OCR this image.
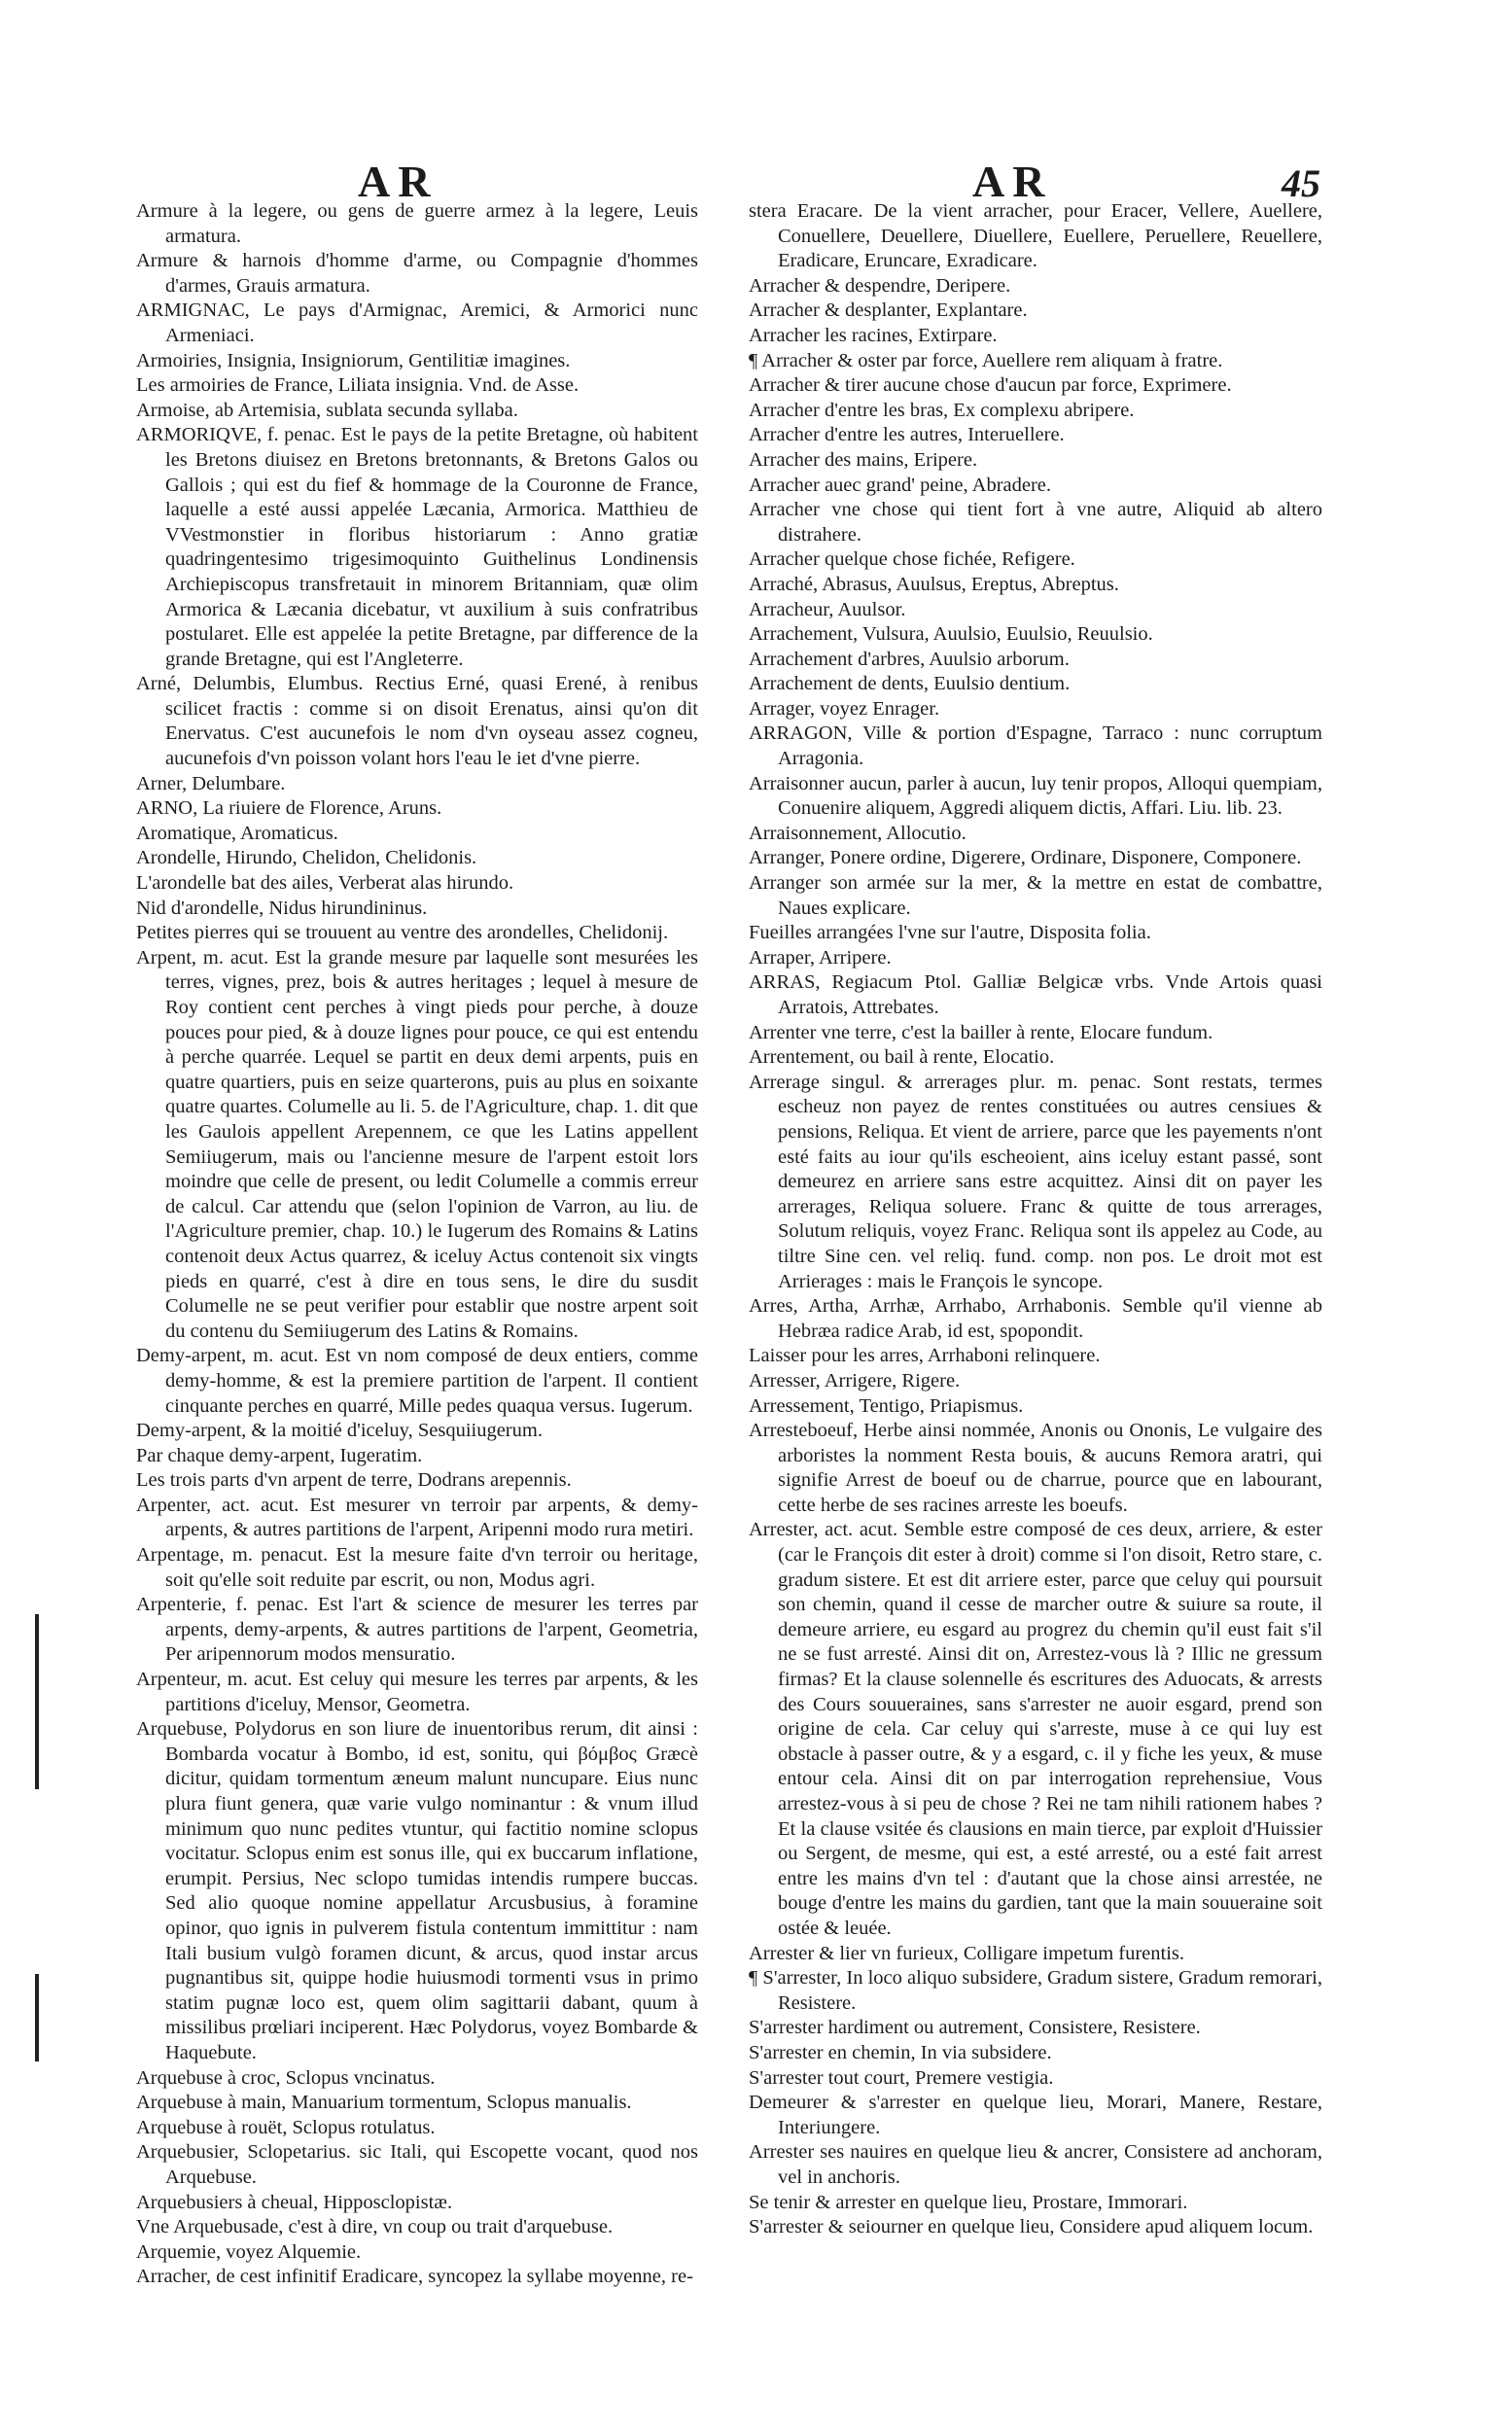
AR	AR	45

Armure à la legere, ou gens de guerre armez à la legere, Leuis armatura.

Armure & harnois d'homme d'arme, ou Compagnie d'hommes d'armes, Grauis armatura.

ARMIGNAC, Le pays d'Armignac, Aremici, & Armorici nunc Armeniaci.

Armoiries, Insignia, Insigniorum, Gentilitiæ imagines.

Les armoiries de France, Liliata insignia. Vnd. de Asse.

Armoise, ab Artemisia, sublata secunda syllaba.

ARMORIQVE, f. penac. Est le pays de la petite Bretagne, où habitent les Bretons diuisez en Bretons bretonnants, & Bretons Galos ou Gallois ; qui est du fief & hommage de la Couronne de France, laquelle a esté aussi appelée Læcania, Armorica. Matthieu de VVestmonstier in floribus historiarum : Anno gratiæ quadringentesimo trigesimoquinto Guithelinus Londinensis Archiepiscopus transfretauit in minorem Britanniam, quæ olim Armorica & Læcania dicebatur, vt auxilium à suis confratribus postularet. Elle est appelée la petite Bretagne, par difference de la grande Bretagne, qui est l'Angleterre.

Arné, Delumbis, Elumbus. Rectius Erné, quasi Erené, à renibus scilicet fractis : comme si on disoit Erenatus, ainsi qu'on dit Enervatus. C'est aucunefois le nom d'vn oyseau assez cogneu, aucunefois d'vn poisson volant hors l'eau le iet d'vne pierre.

Arner, Delumbare.

ARNO, La riuiere de Florence, Aruns.

Aromatique, Aromaticus.

Arondelle, Hirundo, Chelidon, Chelidonis.

L'arondelle bat des ailes, Verberat alas hirundo.

Nid d'arondelle, Nidus hirundininus.

Petites pierres qui se trouuent au ventre des arondelles, Chelidonij.

Arpent, m. acut. Est la grande mesure par laquelle sont mesurées les terres, vignes, prez, bois & autres heritages ; lequel à mesure de Roy contient cent perches à vingt pieds pour perche, à douze pouces pour pied, & à douze lignes pour pouce, ce qui est entendu à perche quarrée. Lequel se partit en deux demi arpents, puis en quatre quartiers, puis en seize quarterons, puis au plus en soixante quatre quartes. Columelle au li. 5. de l'Agriculture, chap. 1. dit que les Gaulois appellent Arepennem, ce que les Latins appellent Semiiugerum, mais ou l'ancienne mesure de l'arpent estoit lors moindre que celle de present, ou ledit Columelle a commis erreur de calcul. Car attendu que (selon l'opinion de Varron, au liu. de l'Agriculture premier, chap. 10.) le Iugerum des Romains & Latins contenoit deux Actus quarrez, & iceluy Actus contenoit six vingts pieds en quarré, c'est à dire en tous sens, le dire du susdit Columelle ne se peut verifier pour establir que nostre arpent soit du contenu du Semiiugerum des Latins & Romains.

Demy-arpent, m. acut. Est vn nom composé de deux entiers, comme demy-homme, & est la premiere partition de l'arpent. Il contient cinquante perches en quarré, Mille pedes quaqua versus. Iugerum.

Demy-arpent, & la moitié d'iceluy, Sesquiiugerum.

Par chaque demy-arpent, Iugeratim.

Les trois parts d'vn arpent de terre, Dodrans arepennis.

Arpenter, act. acut. Est mesurer vn terroir par arpents, & demy-arpents, & autres partitions de l'arpent, Aripenni modo rura metiri.

Arpentage, m. penacut. Est la mesure faite d'vn terroir ou heritage, soit qu'elle soit reduite par escrit, ou non, Modus agri.

Arpenterie, f. penac. Est l'art & science de mesurer les terres par arpents, demy-arpents, & autres partitions de l'arpent, Geometria, Per aripennorum modos mensuratio.

Arpenteur, m. acut. Est celuy qui mesure les terres par arpents, & les partitions d'iceluy, Mensor, Geometra.

Arquebuse, Polydorus en son liure de inuentoribus rerum, dit ainsi : Bombarda vocatur à Bombo, id est, sonitu, qui βόμβος Græcè dicitur, quidam tormentum æneum malunt nuncupare. Eius nunc plura fiunt genera, quæ varie vulgo nominantur : & vnum illud minimum quo nunc pedites vtuntur, qui factitio nomine sclopus vocitatur. Sclopus enim est sonus ille, qui ex buccarum inflatione, erumpit. Persius, Nec sclopo tumidas intendis rumpere buccas. Sed alio quoque nomine appellatur Arcusbusius, à foramine opinor, quo ignis in pulverem fistula contentum immittitur : nam Itali busium vulgò foramen dicunt, & arcus, quod instar arcus pugnantibus sit, quippe hodie huiusmodi tormenti vsus in primo statim pugnæ loco est, quem olim sagittarii dabant, quum à missilibus prœliari inciperent. Hæc Polydorus, voyez Bombarde & Haquebute.

Arquebuse à croc, Sclopus vncinatus.

Arquebuse à main, Manuarium tormentum, Sclopus manualis.

Arquebuse à rouët, Sclopus rotulatus.

Arquebusier, Sclopetarius. sic Itali, qui Escopette vocant, quod nos Arquebuse.

Arquebusiers à cheual, Hipposclopistæ.

Vne Arquebusade, c'est à dire, vn coup ou trait d'arquebuse.

Arquemie, voyez Alquemie.

Arracher, de cest infinitif Eradicare, syncopez la syllabe moyenne, re-

stera Eracare. De la vient arracher, pour Eracer, Vellere, Auellere, Conuellere, Deuellere, Diuellere, Euellere, Peruellere, Reuellere, Eradicare, Eruncare, Exradicare.

Arracher & despendre, Deripere.

Arracher & desplanter, Explantare.

Arracher les racines, Extirpare.

¶ Arracher & oster par force, Auellere rem aliquam à fratre.

Arracher & tirer aucune chose d'aucun par force, Exprimere.

Arracher d'entre les bras, Ex complexu abripere.

Arracher d'entre les autres, Interuellere.

Arracher des mains, Eripere.

Arracher auec grand' peine, Abradere.

Arracher vne chose qui tient fort à vne autre, Aliquid ab altero distrahere.

Arracher quelque chose fichée, Refigere.

Arraché, Abrasus, Auulsus, Ereptus, Abreptus.

Arracheur, Auulsor.

Arrachement, Vulsura, Auulsio, Euulsio, Reuulsio.

Arrachement d'arbres, Auulsio arborum.

Arrachement de dents, Euulsio dentium.

Arrager, voyez Enrager.

ARRAGON, Ville & portion d'Espagne, Tarraco : nunc corruptum Arragonia.

Arraisonner aucun, parler à aucun, luy tenir propos, Alloqui quempiam, Conuenire aliquem, Aggredi aliquem dictis, Affari. Liu. lib. 23.

Arraisonnement, Allocutio.

Arranger, Ponere ordine, Digerere, Ordinare, Disponere, Componere.

Arranger son armée sur la mer, & la mettre en estat de combattre, Naues explicare.

Fueilles arrangées l'vne sur l'autre, Disposita folia.

Arraper, Arripere.

ARRAS, Regiacum Ptol. Galliæ Belgicæ vrbs. Vnde Artois quasi Arratois, Attrebates.

Arrenter vne terre, c'est la bailler à rente, Elocare fundum.

Arrentement, ou bail à rente, Elocatio.

Arrerage singul. & arrerages plur. m. penac. Sont restats, termes escheuz non payez de rentes constituées ou autres censiues & pensions, Reliqua. Et vient de arriere, parce que les payements n'ont esté faits au iour qu'ils escheoient, ains iceluy estant passé, sont demeurez en arriere sans estre acquittez. Ainsi dit on payer les arrerages, Reliqua soluere. Franc & quitte de tous arrerages, Solutum reliquis, voyez Franc. Reliqua sont ils appelez au Code, au tiltre Sine cen. vel reliq. fund. comp. non pos. Le droit mot est Arrierages : mais le François le syncope.

Arres, Artha, Arrhæ, Arrhabo, Arrhabonis. Semble qu'il vienne ab Hebræa radice Arab, id est, spopondit.

Laisser pour les arres, Arrhaboni relinquere.

Arresser, Arrigere, Rigere.

Arressement, Tentigo, Priapismus.

Arresteboeuf, Herbe ainsi nommée, Anonis ou Ononis, Le vulgaire des arboristes la nomment Resta bouis, & aucuns Remora aratri, qui signifie Arrest de boeuf ou de charrue, pource que en labourant, cette herbe de ses racines arreste les boeufs.

Arrester, act. acut. Semble estre composé de ces deux, arriere, & ester (car le François dit ester à droit) comme si l'on disoit, Retro stare, c. gradum sistere. Et est dit arriere ester, parce que celuy qui poursuit son chemin, quand il cesse de marcher outre & suiure sa route, il demeure arriere, eu esgard au progrez du chemin qu'il eust fait s'il ne se fust arresté. Ainsi dit on, Arrestez-vous là ? Illic ne gressum firmas? Et la clause solennelle és escritures des Aduocats, & arrests des Cours souueraines, sans s'arrester ne auoir esgard, prend son origine de cela. Car celuy qui s'arreste, muse à ce qui luy est obstacle à passer outre, & y a esgard, c. il y fiche les yeux, & muse entour cela. Ainsi dit on par interrogation reprehensiue, Vous arrestez-vous à si peu de chose ? Rei ne tam nihili rationem habes ? Et la clause vsitée és clausions en main tierce, par exploit d'Huissier ou Sergent, de mesme, qui est, a esté arresté, ou a esté fait arrest entre les mains d'vn tel : d'autant que la chose ainsi arrestée, ne bouge d'entre les mains du gardien, tant que la main souueraine soit ostée & leuée.

Arrester & lier vn furieux, Colligare impetum furentis.

¶ S'arrester, In loco aliquo subsidere, Gradum sistere, Gradum remorari, Resistere.

S'arrester hardiment ou autrement, Consistere, Resistere.

S'arrester en chemin, In via subsidere.

S'arrester tout court, Premere vestigia.

Demeurer & s'arrester en quelque lieu, Morari, Manere, Restare, Interiungere.

Arrester ses nauires en quelque lieu & ancrer, Consistere ad anchoram, vel in anchoris.

Se tenir & arrester en quelque lieu, Prostare, Immorari.

S'arrester & seiourner en quelque lieu, Considere apud aliquem locum.
